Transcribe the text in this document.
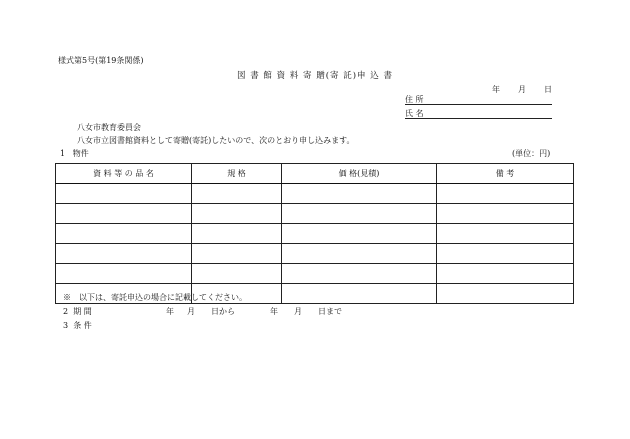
様式第5号(第19条関係)
図 書 館 資 料 寄 贈(寄 託)申 込 書
年 月 日
住 所
氏 名
八女市教育委員会
八女市立図書館資料として寄贈(寄託)したいので、次のとおり申し込みます。
1 物件	(単位：円)
資 料 等 の 品 名	規 格	価 格(見積)	備 考

※　以下は、寄託申込の場合に記載してください。
2 期 間	年 月 日から	年 月 日まで
3 条 件
